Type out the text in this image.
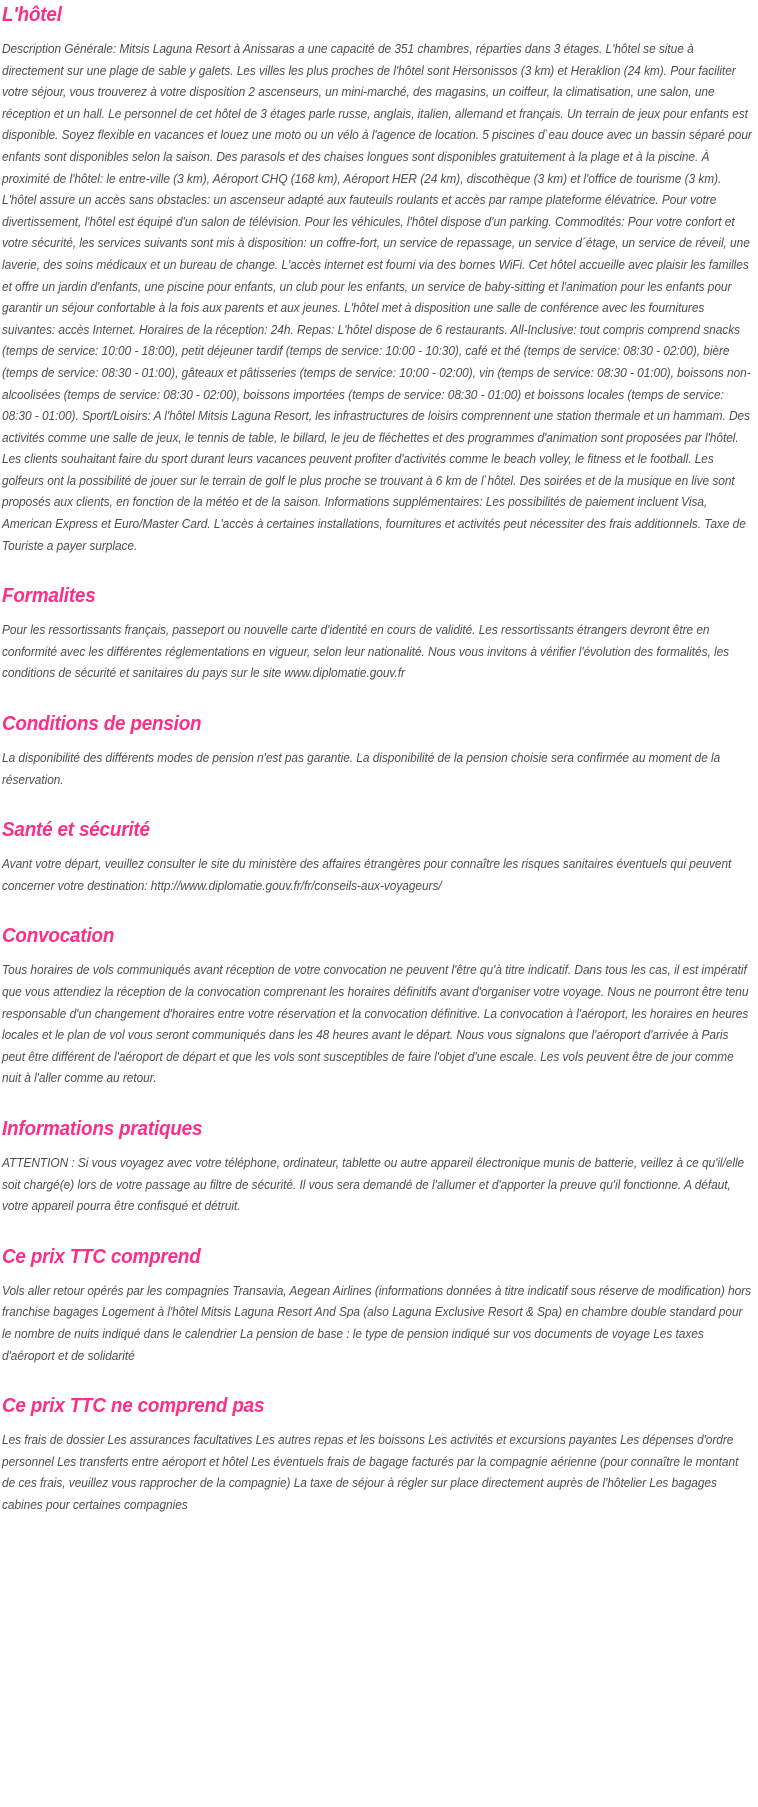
L'hôtel

Description Générale: Mitsis Laguna Resort à Anissaras a une capacité de 351 chambres, réparties dans 3 étages. L'hôtel se situe à directement sur une plage de sable y galets. Les villes les plus proches de l'hôtel sont Hersonissos (3 km) et Heraklion (24 km). Pour faciliter votre séjour, vous trouverez à votre disposition 2 ascenseurs, un mini-marché, des magasins, un coiffeur, la climatisation, une salon, une réception et un hall. Le personnel de cet hôtel de 3 étages parle russe, anglais, italien, allemand et français. Un terrain de jeux pour enfants est disponible. Soyez flexible en vacances et louez une moto ou un vélo à l'agence de location. 5 piscines d`eau douce avec un bassin séparé pour enfants sont disponibles selon la saison. Des parasols et des chaises longues sont disponibles gratuitement à la plage et à la piscine. À proximité de l'hôtel: le entre-ville (3 km), Aéroport CHQ (168 km), Aéroport HER (24 km), discothèque (3 km) et l'office de tourisme (3 km). L'hôtel assure un accès sans obstacles: un ascenseur adapté aux fauteuils roulants et accès par rampe plateforme élévatrice. Pour votre divertissement, l'hôtel est équipé d'un salon de télévision. Pour les véhicules, l'hôtel dispose d'un parking. Commodités: Pour votre confort et votre sécurité, les services suivants sont mis à disposition: un coffre-fort, un service de repassage, un service d´étage, un service de réveil, une laverie, des soins médicaux et un bureau de change. L'accès internet est fourni via des bornes WiFi. Cet hôtel accueille avec plaisir les familles et offre un jardin d'enfants, une piscine pour enfants, un club pour les enfants, un service de baby-sitting et l'animation pour les enfants pour garantir un séjour confortable à la fois aux parents et aux jeunes. L'hôtel met à disposition une salle de conférence avec les fournitures suivantes: accès Internet. Horaires de la réception: 24h. Repas: L'hôtel dispose de 6 restaurants. All-Inclusive: tout compris comprend snacks (temps de service: 10:00 - 18:00), petit déjeuner tardif (temps de service: 10:00 - 10:30), café et thé (temps de service: 08:30 - 02:00), bière (temps de service: 08:30 - 01:00), gâteaux et pâtisseries (temps de service: 10:00 - 02:00), vin (temps de service: 08:30 - 01:00), boissons non-alcoolisées (temps de service: 08:30 - 02:00), boissons importées (temps de service: 08:30 - 01:00) et boissons locales (temps de service: 08:30 - 01:00). Sport/Loisirs: A l'hôtel Mitsis Laguna Resort, les infrastructures de loisirs comprennent une station thermale et un hammam. Des activités comme une salle de jeux, le tennis de table, le billard, le jeu de fléchettes et des programmes d'animation sont proposées par l'hôtel. Les clients souhaitant faire du sport durant leurs vacances peuvent profiter d'activités comme le beach volley, le fitness et le football. Les golfeurs ont la possibilité de jouer sur le terrain de golf le plus proche se trouvant à 6 km de l`hôtel. Des soirées et de la musique en live sont proposés aux clients, en fonction de la météo et de la saison. Informations supplémentaires: Les possibilités de paiement incluent Visa, American Express et Euro/Master Card. L'accès à certaines installations, fournitures et activités peut nécessiter des frais additionnels. Taxe de Touriste a payer surplace.

Formalites

Pour les ressortissants français, passeport ou nouvelle carte d'identité en cours de validité. Les ressortissants étrangers devront être en conformité avec les différentes réglementations en vigueur, selon leur nationalité. Nous vous invitons à vérifier l'évolution des formalités, les conditions de sécurité et sanitaires du pays sur le site www.diplomatie.gouv.fr

Conditions de pension

La disponibilité des différents modes de pension n'est pas garantie. La disponibilité de la pension choisie sera confirmée au moment de la réservation.

Santé et sécurité

Avant votre départ, veuillez consulter le site du ministère des affaires étrangères pour connaître les risques sanitaires éventuels qui peuvent concerner votre destination: http://www.diplomatie.gouv.fr/fr/conseils-aux-voyageurs/

Convocation

Tous horaires de vols communiqués avant réception de votre convocation ne peuvent l'être qu'à titre indicatif. Dans tous les cas, il est impératif que vous attendiez la réception de la convocation comprenant les horaires définitifs avant d'organiser votre voyage. Nous ne pourront être tenu responsable d'un changement d'horaires entre votre réservation et la convocation définitive. La convocation à l'aéroport, les horaires en heures locales et le plan de vol vous seront communiqués dans les 48 heures avant le départ. Nous vous signalons que l'aéroport d'arrivée à Paris peut être différent de l'aéroport de départ et que les vols sont susceptibles de faire l'objet d'une escale. Les vols peuvent être de jour comme nuit à l'aller comme au retour.

Informations pratiques

ATTENTION : Si vous voyagez avec votre téléphone, ordinateur, tablette ou autre appareil électronique munis de batterie, veillez à ce qu'il/elle soit chargé(e) lors de votre passage au filtre de sécurité. Il vous sera demandé de l'allumer et d'apporter la preuve qu'il fonctionne. A défaut, votre appareil pourra être confisqué et détruit.

Ce prix TTC comprend

Vols aller retour opérés par les compagnies Transavia, Aegean Airlines (informations données à titre indicatif sous réserve de modification) hors franchise bagages Logement à l'hôtel Mitsis Laguna Resort And Spa (also Laguna Exclusive Resort & Spa) en chambre double standard pour le nombre de nuits indiqué dans le calendrier La pension de base : le type de pension indiqué sur vos documents de voyage Les taxes d'aéroport et de solidarité

Ce prix TTC ne comprend pas

Les frais de dossier Les assurances facultatives Les autres repas et les boissons Les activités et excursions payantes Les dépenses d'ordre personnel Les transferts entre aéroport et hôtel Les éventuels frais de bagage facturés par la compagnie aérienne (pour connaître le montant de ces frais, veuillez vous rapprocher de la compagnie) La taxe de séjour à régler sur place directement auprès de l'hôtelier Les bagages cabines pour certaines compagnies
